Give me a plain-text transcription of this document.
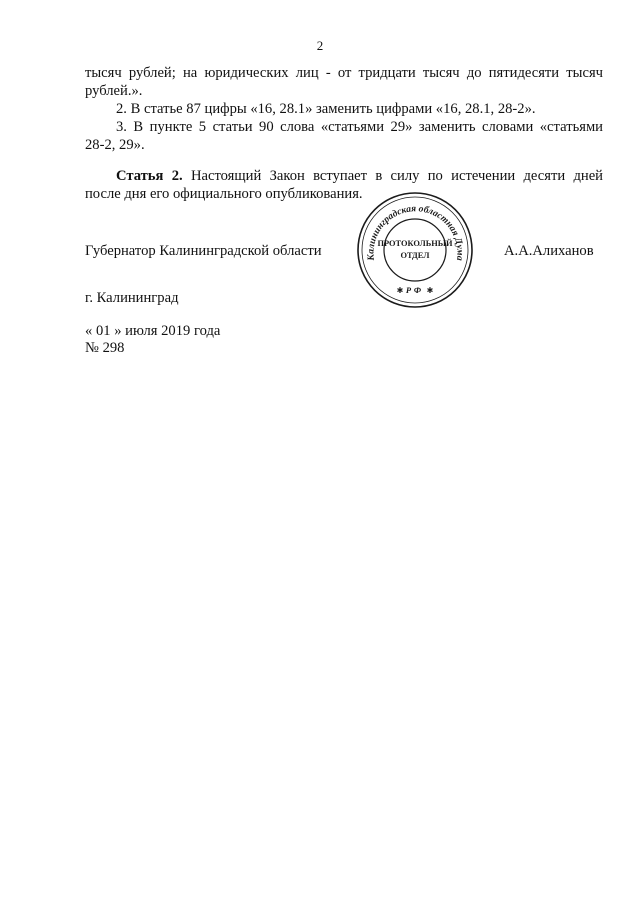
2
тысяч рублей; на юридических лиц - от тридцати тысяч до пятидесяти тысяч
рублей.».
2. В статье 87 цифры «16, 28.1» заменить цифрами «16, 28.1, 28-2».
3. В пункте 5 статьи 90 слова «статьями 29» заменить словами «статьями
28-2, 29».
Статья 2. Настоящий Закон вступает в силу по истечении десяти дней
после дня его официального опубликования.
Губернатор Калининградской области	А.А.Алиханов
Калининградская областная Дума
ПРОТОКОЛЬНЫЙ
ОТДЕЛ
РФ
✱	✱
г. Калининград
« 01 » июля 2019 года
№ 298
